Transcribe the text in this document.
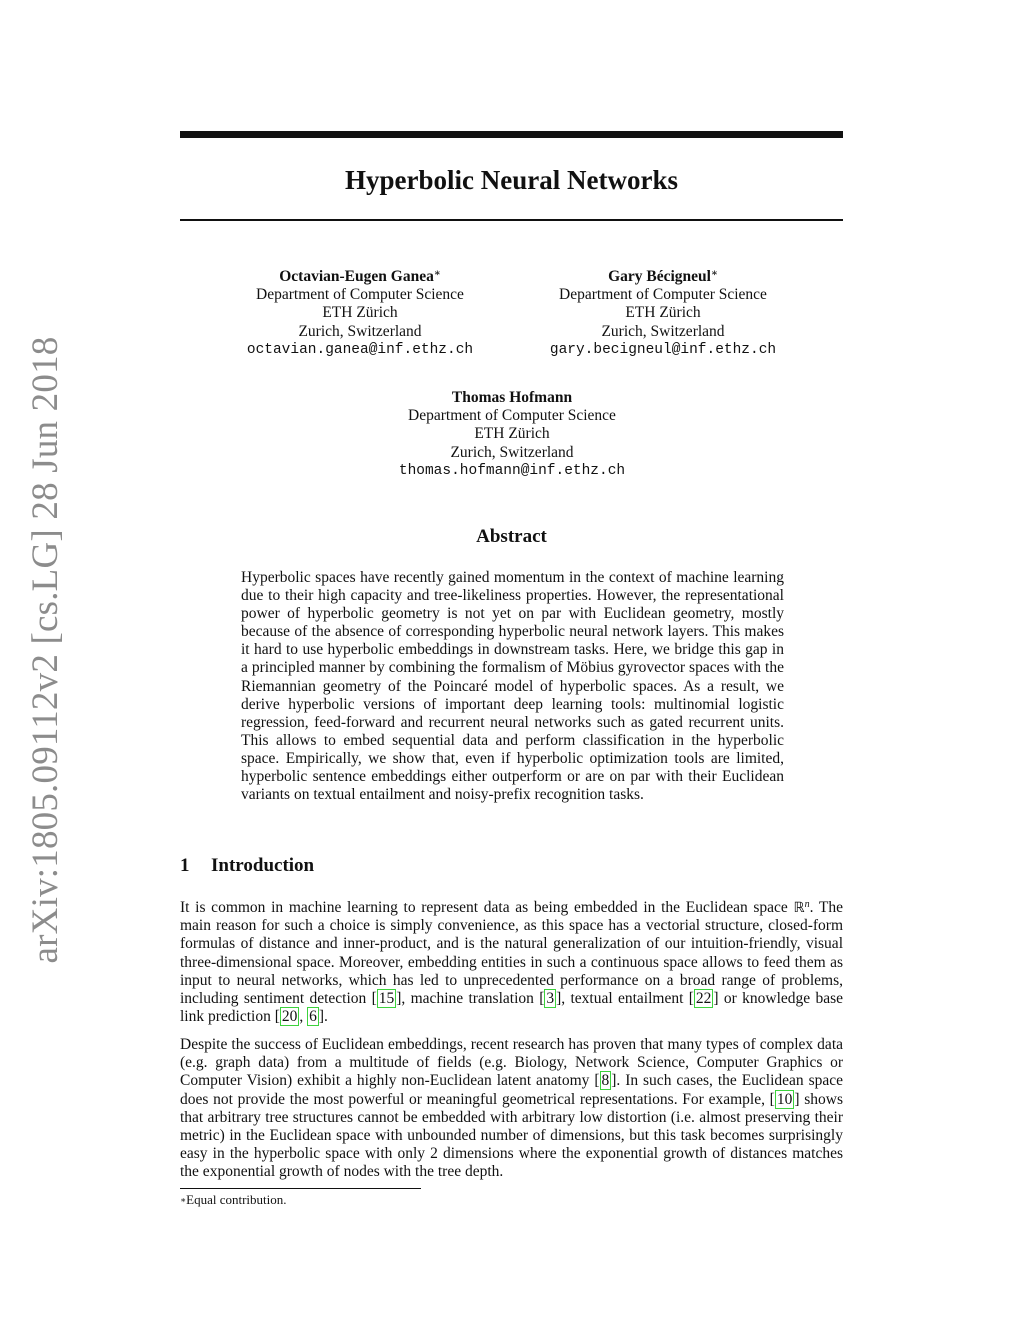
arXiv:1805.09112v2 [cs.LG] 28 Jun 2018
Hyperbolic Neural Networks
Octavian-Eugen Ganea∗
Department of Computer Science
ETH Zürich
Zurich, Switzerland
octavian.ganea@inf.ethz.ch
Gary Bécigneul∗
Department of Computer Science
ETH Zürich
Zurich, Switzerland
gary.becigneul@inf.ethz.ch
Thomas Hofmann
Department of Computer Science
ETH Zürich
Zurich, Switzerland
thomas.hofmann@inf.ethz.ch
Abstract
Hyperbolic spaces have recently gained momentum in the context of machine learning due to their high capacity and tree-likeliness properties. However, the representational power of hyperbolic geometry is not yet on par with Euclidean geometry, mostly because of the absence of corresponding hyperbolic neural network layers. This makes it hard to use hyperbolic embeddings in downstream tasks. Here, we bridge this gap in a principled manner by combining the formalism of Möbius gyrovector spaces with the Riemannian geometry of the Poincaré model of hyperbolic spaces. As a result, we derive hyperbolic versions of important deep learning tools: multinomial logistic regression, feed-forward and recurrent neural networks such as gated recurrent units. This allows to embed sequential data and perform classification in the hyperbolic space. Empirically, we show that, even if hyperbolic optimization tools are limited, hyperbolic sentence embeddings either outperform or are on par with their Euclidean variants on textual entailment and noisy-prefix recognition tasks.
1 Introduction
It is common in machine learning to represent data as being embedded in the Euclidean space ℝ$^n$. The main reason for such a choice is simply convenience, as this space has a vectorial structure, closed-form formulas of distance and inner-product, and is the natural generalization of our intuition-friendly, visual three-dimensional space. Moreover, embedding entities in such a continuous space allows to feed them as input to neural networks, which has led to unprecedented performance on a broad range of problems, including sentiment detection [ 15 ], machine translation [ 3 ], textual entailment [ 22 ] or knowledge base link prediction [ 20 , 6 ].
Despite the success of Euclidean embeddings, recent research has proven that many types of complex data (e.g. graph data) from a multitude of fields (e.g. Biology, Network Science, Computer Graphics or Computer Vision) exhibit a highly non-Euclidean latent anatomy [ 8 ]. In such cases, the Euclidean space does not provide the most powerful or meaningful geometrical representations. For example, [ 10 ] shows that arbitrary tree structures cannot be embedded with arbitrary low distortion (i.e. almost preserving their metric) in the Euclidean space with unbounded number of dimensions, but this task becomes surprisingly easy in the hyperbolic space with only 2 dimensions where the exponential growth of distances matches the exponential growth of nodes with the tree depth.
∗Equal contribution.
